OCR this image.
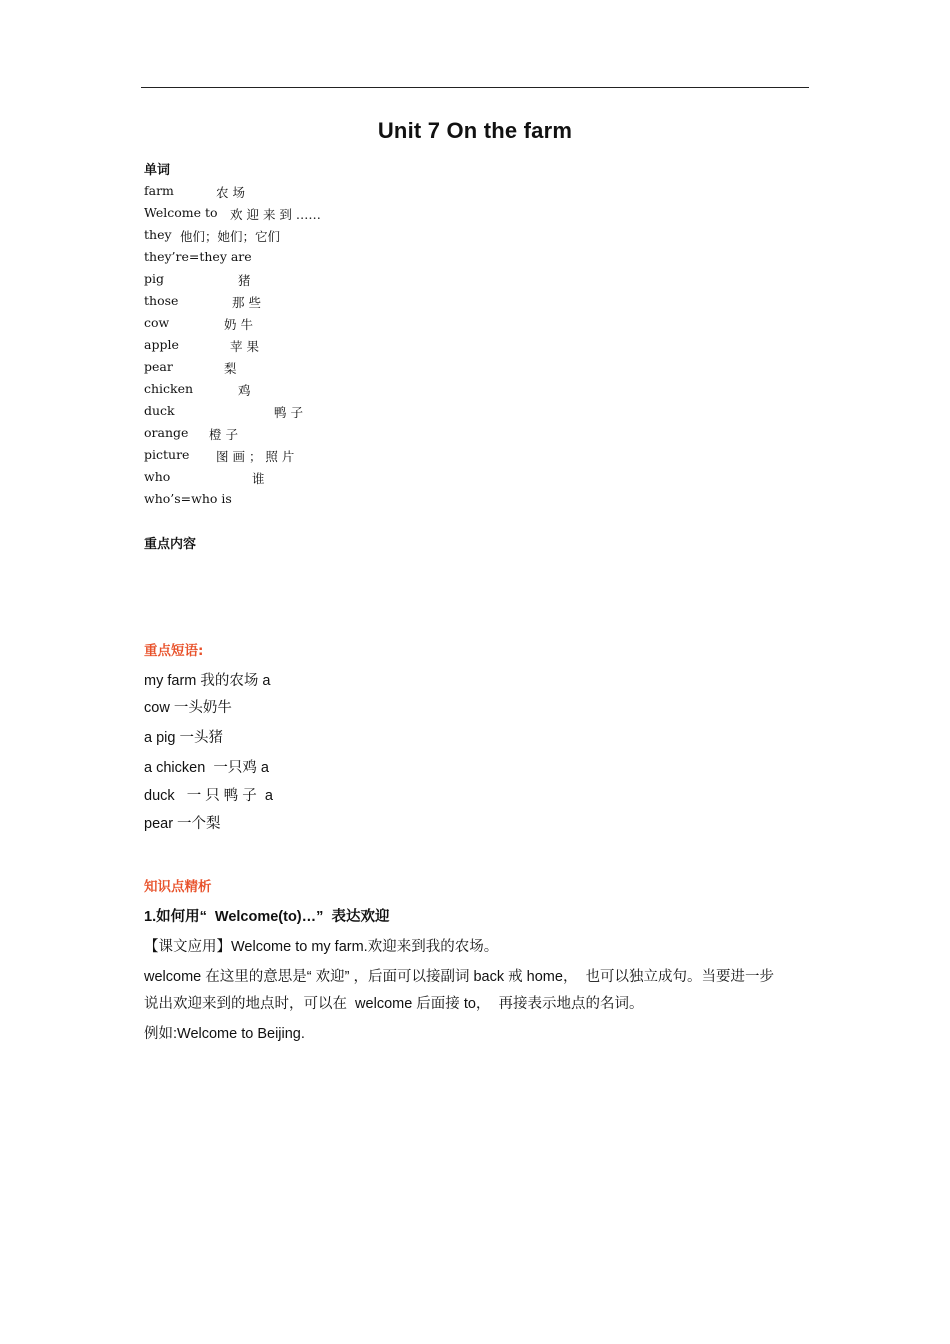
Unit 7 On the farm
单词
farm	农 场
Welcome to 欢 迎 来 到 ……
they 他们；她们；它们
they’re=they are
pig	猪
those	那 些
cow	奶 牛
apple	苹 果
pear	梨
chicken	鸡
duck	鸭 子
orange 橙 子
picture 图 画 ； 照 片
who	谁
who’s=who is
重点内容
重点短语:
my farm 我的农场 a
cow 一头奶牛
a pig 一头猪
a chicken  一只鸡 a
duck   一 只 鸭 子  a
pear 一个梨
知识点精析
1.如何用“  Welcome(to)…”  表达欢迎
【课文应用】Welcome to my farm.欢迎来到我的农场。
welcome 在这里的意思是“ 欢迎” ，后面可以接副词 back 戒 home，  也可以独立成句。当要进一步
说出欢迎来到的地点时，可以在  welcome 后面接 to，  再接表示地点的名词。
例如:Welcome to Beijing.
